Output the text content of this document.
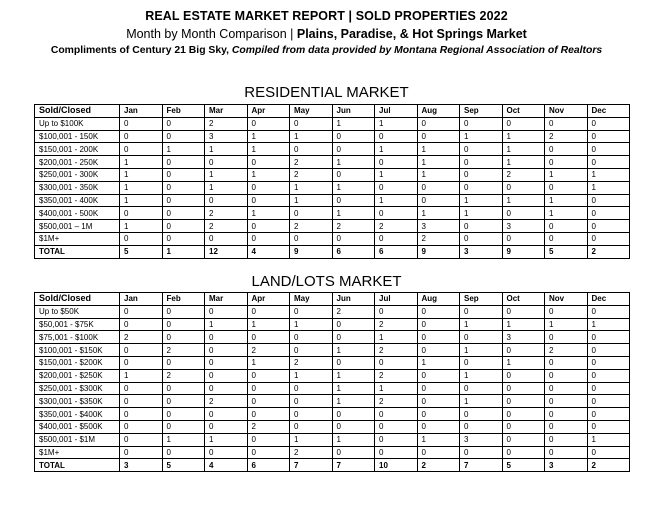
REAL ESTATE MARKET REPORT | SOLD PROPERTIES 2022
Month by Month Comparison | Plains, Paradise, & Hot Springs Market
Compliments of Century 21 Big Sky, Compiled from data provided by Montana Regional Association of Realtors
RESIDENTIAL MARKET
Sold/Closed	Jan	Feb	Mar	Apr	May	Jun	Jul	Aug	Sep	Oct	Nov	Dec
Up to $100K	0	0	2	0	0	1	1	0	0	0	0	0
$100,001 - 150K	0	0	3	1	1	0	0	0	1	1	2	0
$150,001 - 200K	0	1	1	1	0	0	1	1	0	1	0	0
$200,001 - 250K	1	0	0	0	2	1	0	1	0	1	0	0
$250,001 - 300K	1	0	1	1	2	0	1	1	0	2	1	1
$300,001 - 350K	1	0	1	0	1	1	0	0	0	0	0	1
$350,001 - 400K	1	0	0	0	1	0	1	0	1	1	1	0
$400,001 - 500K	0	0	2	1	0	1	0	1	1	0	1	0
$500,001 – 1M	1	0	2	0	2	2	2	3	0	3	0	0
$1M+	0	0	0	0	0	0	0	2	0	0	0	0
TOTAL	5	1	12	4	9	6	6	9	3	9	5	2
LAND/LOTS MARKET
Sold/Closed	Jan	Feb	Mar	Apr	May	Jun	Jul	Aug	Sep	Oct	Nov	Dec
Up to $50K	0	0	0	0	0	2	0	0	0	0	0	0
$50,001 - $75K	0	0	1	1	1	0	2	0	1	1	1	1
$75,001 - $100K	2	0	0	0	0	0	1	0	0	3	0	0
$100,001 - $150K	0	2	0	2	0	1	2	0	1	0	2	0
$150,001 - $200K	0	0	0	1	2	0	0	1	0	1	0	0
$200,001 - $250K	1	2	0	0	1	1	2	0	1	0	0	0
$250,001 - $300K	0	0	0	0	0	1	1	0	0	0	0	0
$300,001 - $350K	0	0	2	0	0	1	2	0	1	0	0	0
$350,001 - $400K	0	0	0	0	0	0	0	0	0	0	0	0
$400,001 - $500K	0	0	0	2	0	0	0	0	0	0	0	0
$500,001 - $1M	0	1	1	0	1	1	0	1	3	0	0	1
$1M+	0	0	0	0	2	0	0	0	0	0	0	0
TOTAL	3	5	4	6	7	7	10	2	7	5	3	2
